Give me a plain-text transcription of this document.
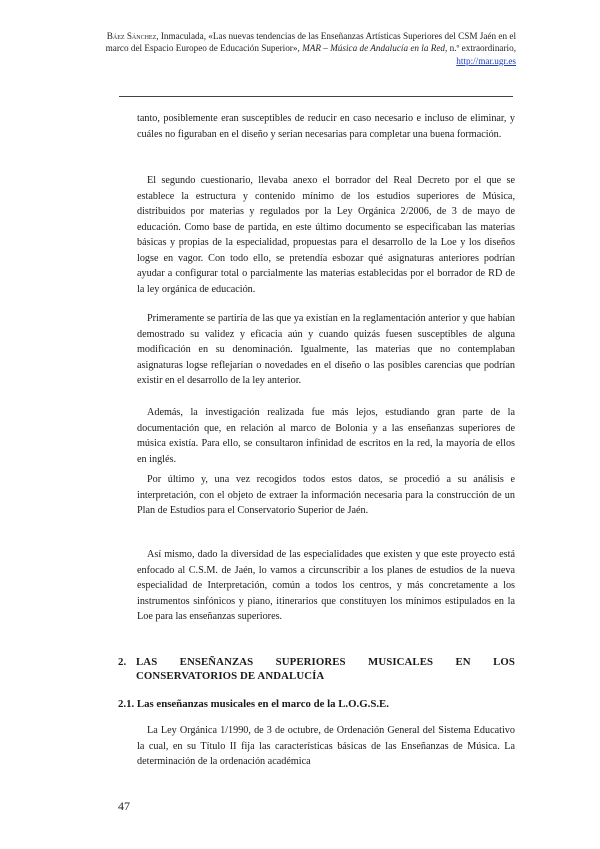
Báez Sánchez, Inmaculada, «Las nuevas tendencias de las Enseñanzas Artísticas Superiores del CSM Jaén en el marco del Espacio Europeo de Educación Superior», MAR – Música de Andalucía en la Red, n.º extraordinario, http://mar.ugr.es

tanto, posiblemente eran susceptibles de reducir en caso necesario e incluso de eliminar, y cuáles no figuraban en el diseño y serían necesarias para completar una buena formación.

El segundo cuestionario, llevaba anexo el borrador del Real Decreto por el que se establece la estructura y contenido mínimo de los estudios superiores de Música, distribuidos por materias y regulados por la Ley Orgánica 2/2006, de 3 de mayo de educación. Como base de partida, en este último documento se especificaban las materias básicas y propias de la especialidad, propuestas para el desarrollo de la Loe y los diseños logse en vagor. Con todo ello, se pretendía esbozar qué asignaturas anteriores podrían ayudar a configurar total o parcialmente las materias establecidas por el borrador de RD de la ley orgánica de educación.

Primeramente se partiría de las que ya existían en la reglamentación anterior y que habían demostrado su validez y eficacia aún y cuando quizás fuesen susceptibles de alguna modificación en su denominación. Igualmente, las materias que no contemplaban asignaturas logse reflejarían o novedades en el diseño o las posibles carencias que podrían existir en el desarrollo de la ley anterior.

Además, la investigación realizada fue más lejos, estudiando gran parte de la documentación que, en relación al marco de Bolonia y a las enseñanzas superiores de música existía. Para ello, se consultaron infinidad de escritos en la red, la mayoría de ellos en inglés.

Por último y, una vez recogidos todos estos datos, se procedió a su análisis e interpretación, con el objeto de extraer la información necesaria para la construcción de un Plan de Estudios para el Conservatorio Superior de Jaén.

Así mismo, dado la diversidad de las especialidades que existen y que este proyecto está enfocado al C.S.M. de Jaén, lo vamos a circunscribir a los planes de estudios de la nueva especialidad de Interpretación, común a todos los centros, y más concretamente a los instrumentos sinfónicos y piano, itinerarios que constituyen los mínimos estipulados en la Loe para las enseñanzas superiores.

2. LAS ENSEÑANZAS SUPERIORES MUSICALES EN LOS
CONSERVATORIOS DE ANDALUCÍA
2.1. Las enseñanzas musicales en el marco de la L.O.G.S.E.

La Ley Orgánica 1/1990, de 3 de octubre, de Ordenación General del Sistema Educativo la cual, en su Título II fija las características básicas de las Enseñanzas de Música. La determinación de la ordenación académica

47
